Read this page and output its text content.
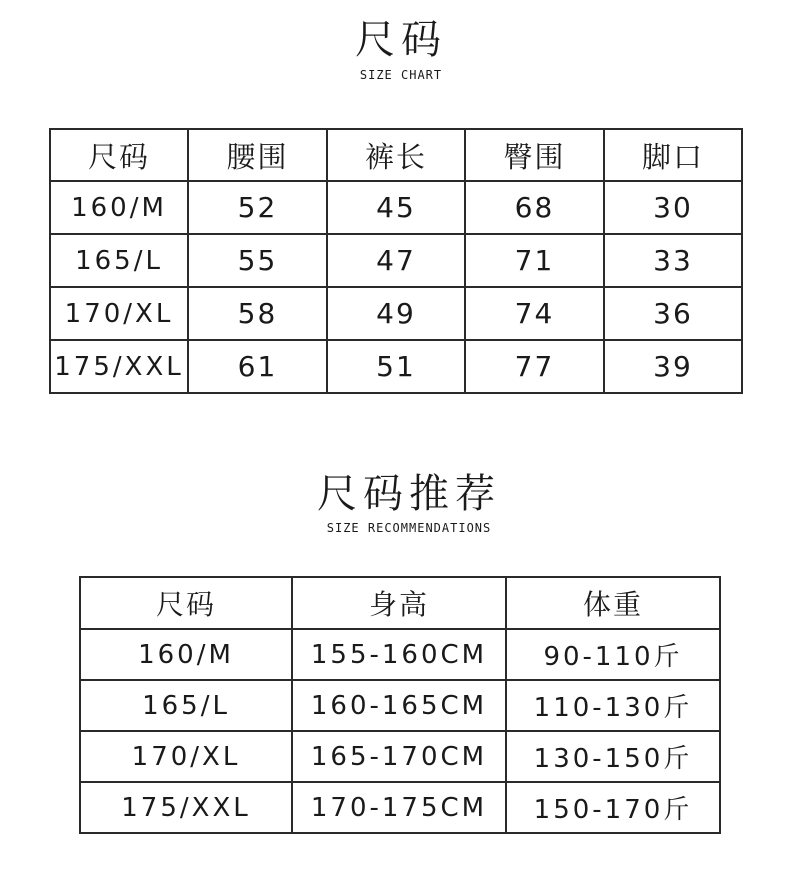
尺码
SIZE CHART
尺码	腰围	裤长	臀围	脚口
160/M	52	45	68	30
165/L	55	47	71	33
170/XL	58	49	74	36
175/XXL	61	51	77	39
尺码推荐
SIZE RECOMMENDATIONS
尺码	身高	体重
160/M	155-160CM	90-110斤
165/L	160-165CM	110-130斤
170/XL	165-170CM	130-150斤
175/XXL	170-175CM	150-170斤
